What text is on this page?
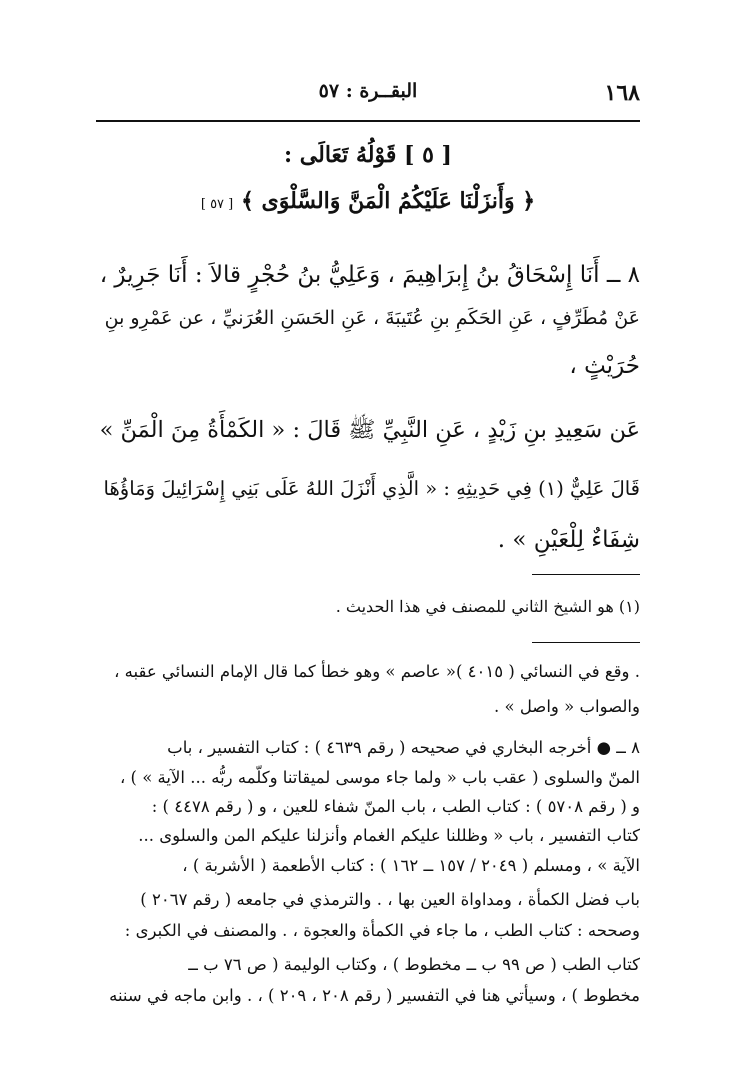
١٦٨
البقــرة : ٥٧
[ ٥ ] قَوْلُهُ تَعَالَى :
﴿ وَأَنزَلْنَا عَلَيْكُمُ الْمَنَّ وَالسَّلْوَى ﴾ [ ٥٧ ]
٨ ــ أَنَا إِسْحَاقُ بنُ إِبرَاهِيمَ ، وَعَلِيُّ بنُ حُجْرٍ قالاَ : أَنَا جَرِيرٌ ،
عَنْ مُطَرِّفٍ ، عَنِ الحَكَمِ بنِ عُتَيبَةَ ، عَنِ الحَسَنِ العُرَنيِّ ، عن عَمْرِو بنِ
حُرَيْثٍ ،
عَن سَعِيدِ بنِ زَيْدٍ ، عَنِ النَّبِيِّ ﷺ قَالَ : « الكَمْأَةُ مِنَ الْمَنِّ »
قَالَ عَلِيٌّ (١) فِي حَدِيثِهِ : « الَّذِي أَنْزَلَ اللهُ عَلَى بَنِي إِسْرَائِيلَ وَمَاؤُهَا
شِفَاءٌ لِلْعَيْنِ » .
(١) هو الشيخ الثاني للمصنف في هذا الحديث .
. وقع في النسائي ( ٤٠١٥ )« عاصم » وهو خطأ كما قال الإمام النسائي عقبه ،
والصواب « واصل » .
٨ ــ ● أخرجه البخاري في صحيحه ( رقم ٤٦٣٩ ) : كتاب التفسير ، باب
المنّ والسلوى ( عقب باب « ولما جاء موسى لميقاتنا وكلّمه ربُّه ... الآية » ) ،
و ( رقم ٥٧٠٨ ) : كتاب الطب ، باب المنّ شفاء للعين ، و ( رقم ٤٤٧٨ ) :
كتاب التفسير ، باب « وظللنا عليكم الغمام وأنزلنا عليكم المن والسلوى ...
الآية » ، ومسلم ( ٢٠٤٩ / ١٥٧ ــ ١٦٢ ) : كتاب الأطعمة ( الأشربة ) ،
باب فضل الكمأة ، ومداواة العين بها ، . والترمذي في جامعه ( رقم ٢٠٦٧ )
وصححه : كتاب الطب ، ما جاء في الكمأة والعجوة ، . والمصنف في الكبرى :
كتاب الطب ( ص ٩٩ ب ــ مخطوط ) ، وكتاب الوليمة ( ص ٧٦ ب ــ
مخطوط ) ، وسيأتي هنا في التفسير ( رقم ٢٠٨ ، ٢٠٩ ) ، . وابن ماجه في سننه
